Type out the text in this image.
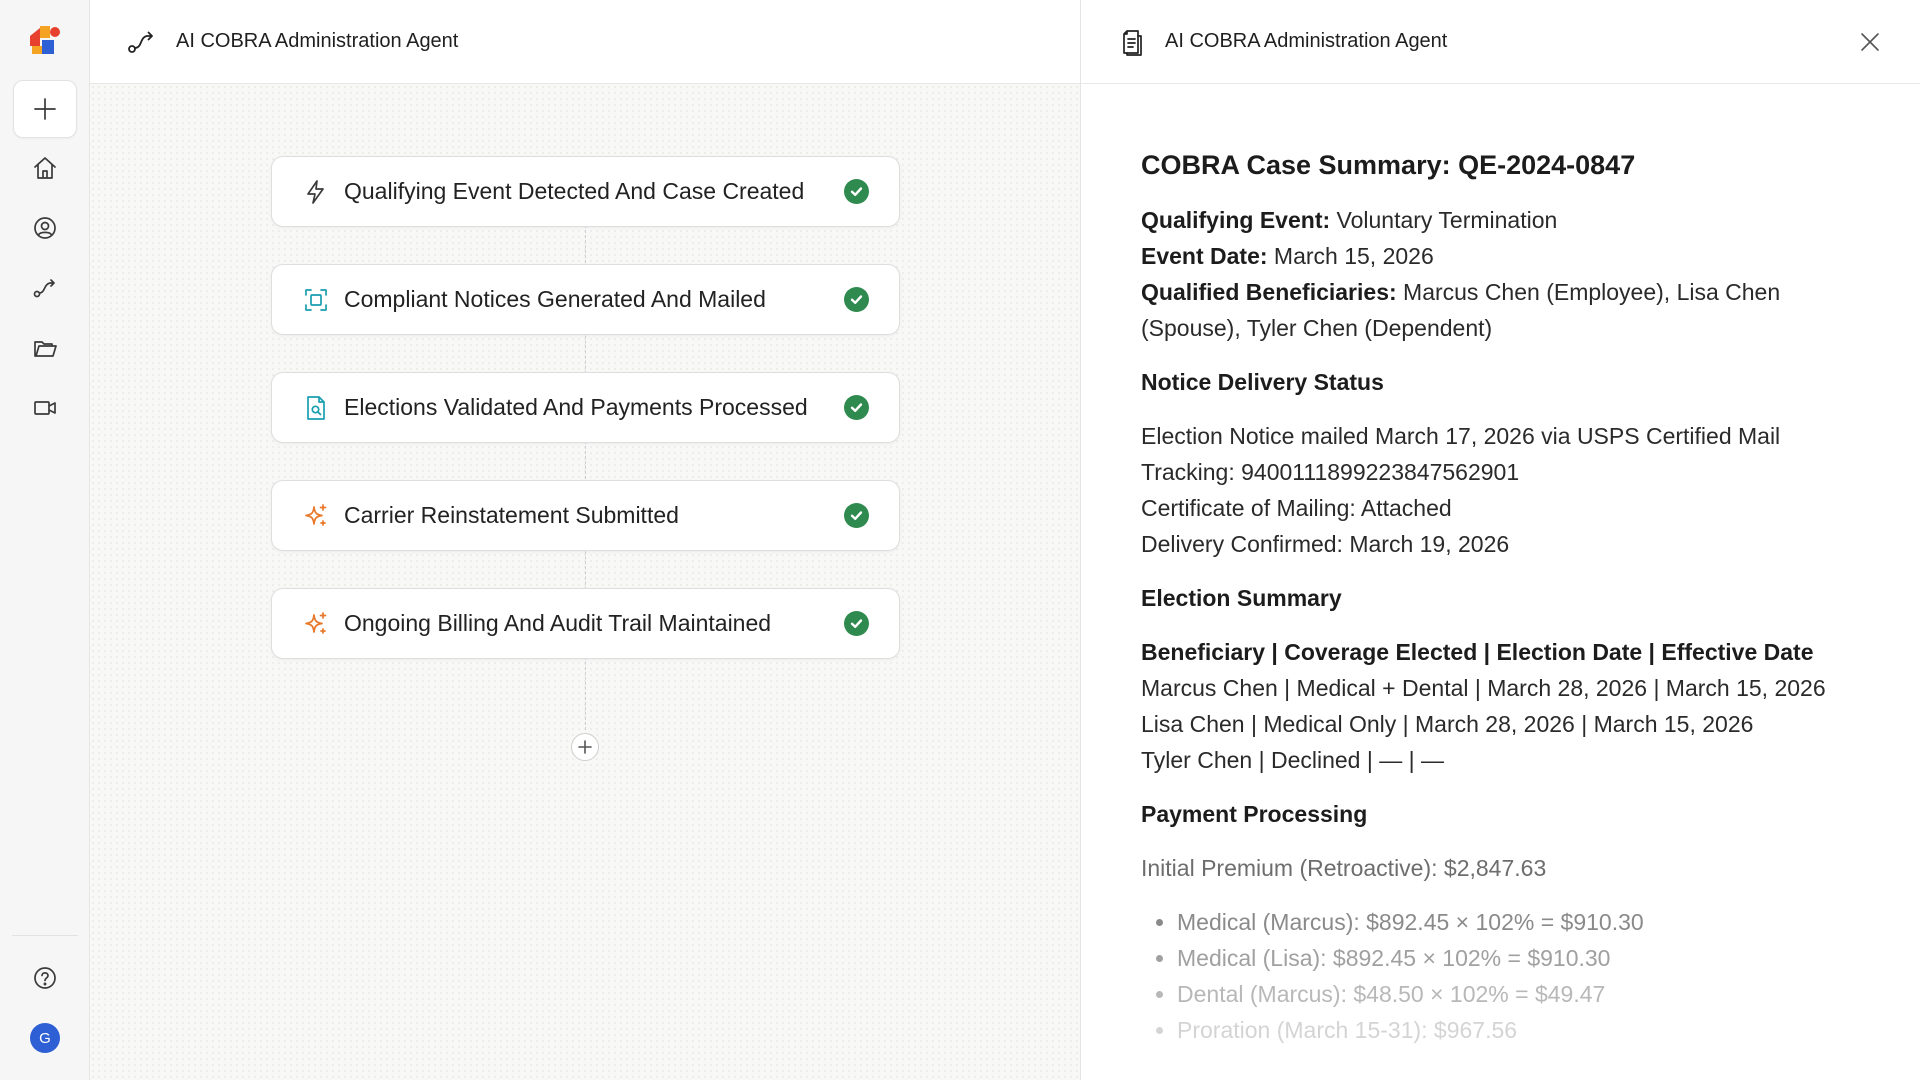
G
AI COBRA Administration Agent
Qualifying Event Detected And Case Created
Compliant Notices Generated And Mailed
Elections Validated And Payments Processed
Carrier Reinstatement Submitted
Ongoing Billing And Audit Trail Maintained
AI COBRA Administration Agent
COBRA Case Summary: QE-2024-0847

Qualifying Event: Voluntary Termination

Event Date: March 15, 2026

Qualified Beneficiaries: Marcus Chen (Employee), Lisa Chen (Spouse), Tyler Chen (Dependent)

Notice Delivery Status

Election Notice mailed March 17, 2026 via USPS Certified Mail

Tracking: 9400111899223847562901

Certificate of Mailing: Attached

Delivery Confirmed: March 19, 2026

Election Summary

Beneficiary | Coverage Elected | Election Date | Effective Date

Marcus Chen | Medical + Dental | March 28, 2026 | March 15, 2026

Lisa Chen | Medical Only | March 28, 2026 | March 15, 2026

Tyler Chen | Declined | — | —

Payment Processing

Initial Premium (Retroactive): $2,847.63

• Medical (Marcus): $892.45 × 102% = $910.30
• Medical (Lisa): $892.45 × 102% = $910.30
• Dental (Marcus): $48.50 × 102% = $49.47
• Proration (March 15-31): $967.56
